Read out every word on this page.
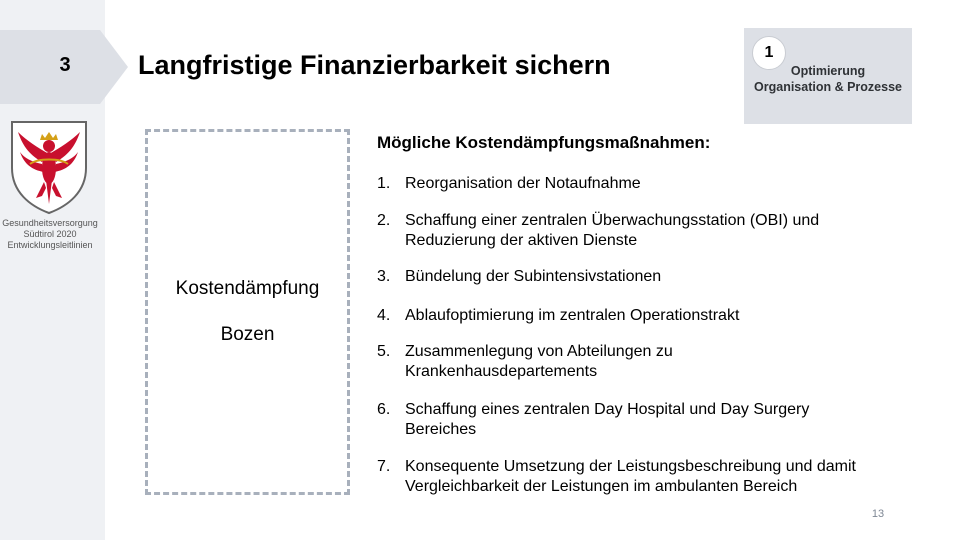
3	Langfristige Finanzierbarkeit sichern	1
Optimierung
Organisation & Prozesse
Gesundheitsversorgung
Südtirol 2020
Entwicklungsleitlinien
Kostendämpfung
Bozen
Mögliche Kostendämpfungsmaßnahmen:
1. Reorganisation der Notaufnahme
2. Schaffung einer zentralen Überwachungsstation (OBI) und Reduzierung der aktiven Dienste
3. Bündelung der Subintensivstationen
4. Ablaufoptimierung im zentralen Operationstrakt
5. Zusammenlegung von Abteilungen zu Krankenhausdepartements
6. Schaffung eines zentralen Day Hospital und Day Surgery Bereiches
7. Konsequente Umsetzung der Leistungsbeschreibung und damit Vergleichbarkeit der Leistungen im ambulanten Bereich
13
